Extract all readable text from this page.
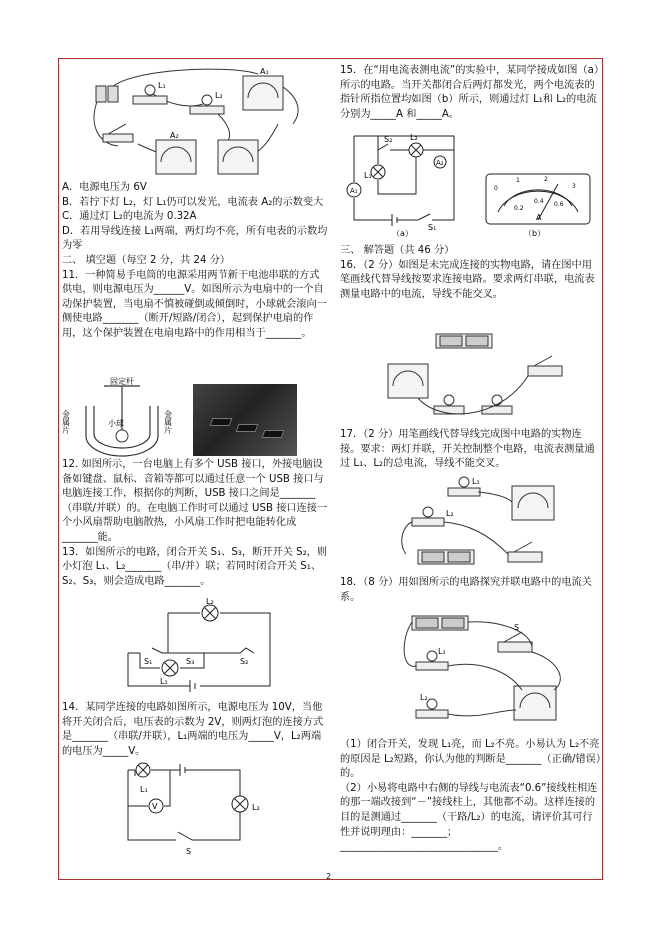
L₁
L₂
A₁
A₂
A．电源电压为 6V
B．若拧下灯 L₂，灯 L₁仍可以发光，电流表 A₂的示数变大
C．通过灯 L₂的电流为 0.32A
D．若用导线连接 L₁两端，两灯均不亮，所有电表的示数均为零
二、 填空题（每空 2 分，共 24 分）
11．一种简易手电筒的电源采用两节新干电池串联的方式供电，则电源电压为______V。如图所示为电扇中的一个自动保护装置，当电扇不慎被碰倒或倾倒时，小球就会滚向一侧使电路_______（断开/短路/闭合），起到保护电扇的作用，这个保护装置在电扇电路中的作用相当于_______。
固定杆
金属片	金属片
小球
12. 如图所示，一台电脑上有多个 USB 接口，外接电脑设备如键盘、鼠标、音箱等都可以通过任意一个 USB 接口与电脑连接工作，根据你的判断，USB 接口之间是_______（串联/并联）的。在电脑工作时可以通过 USB 接口连接一个小风扇帮助电脑散热，小风扇工作时把电能转化成_______能。
13．如图所示的电路，闭合开关 S₁、S₃，断开开关 S₂，则小灯泡 L₁、L₂_______（串/并）联；若同时闭合开关 S₁、S₂、S₃，则会造成电路_______。
L₂
S₁	S₃	S₂
L₁
14．某同学连接的电路如图所示，电源电压为 10V，当他将开关闭合后，电压表的示数为 2V，则两灯泡的连接方式是_______（串联/并联），L₁两端的电压为_____V，L₂两端的电压为_____V。
L₁
V	L₂
S
15．在“用电流表测电流”的实验中，某同学接成如图（a）所示的电路。当开关都闭合后两灯都发光，两个电流表的指针所指位置均如图（b）所示，则通过灯 L₁和 L₂的电流分别为_____A 和_____A。
S₂ L₂
A₂
L₁
A₁
S₁
（a）
0
1	2
3
0.2
0.4 0.6
A
（b）
三、 解答题（共 46 分）
16．（2 分）如图是未完成连接的实物电路，请在图中用笔画线代替导线按要求连接电路。要求两灯串联，电流表测量电路中的电流，导线不能交叉。
17．（2 分）用笔画线代替导线完成图中电路的实物连接。要求：两灯并联，开关控制整个电路，电流表测量通过 L₁、L₂的总电流，导线不能交叉。
L₁
L₂
18．（8 分）用如图所示的电路探究并联电路中的电流关系。
S
L₁
L₂
（1）闭合开关，发现 L₁亮，而 L₂不亮。小易认为 L₂不亮的原因是 L₂短路，你认为他的判断是_______（正确/错误）的。
（2）小易将电路中右侧的导线与电流表“0.6”接线柱相连的那一端改接到“－”接线柱上，其他都不动。这样连接的目的是测通过_______（干路/L₂）的电流，请评价其可行性并说明理由：_______；_______________________________。
2
